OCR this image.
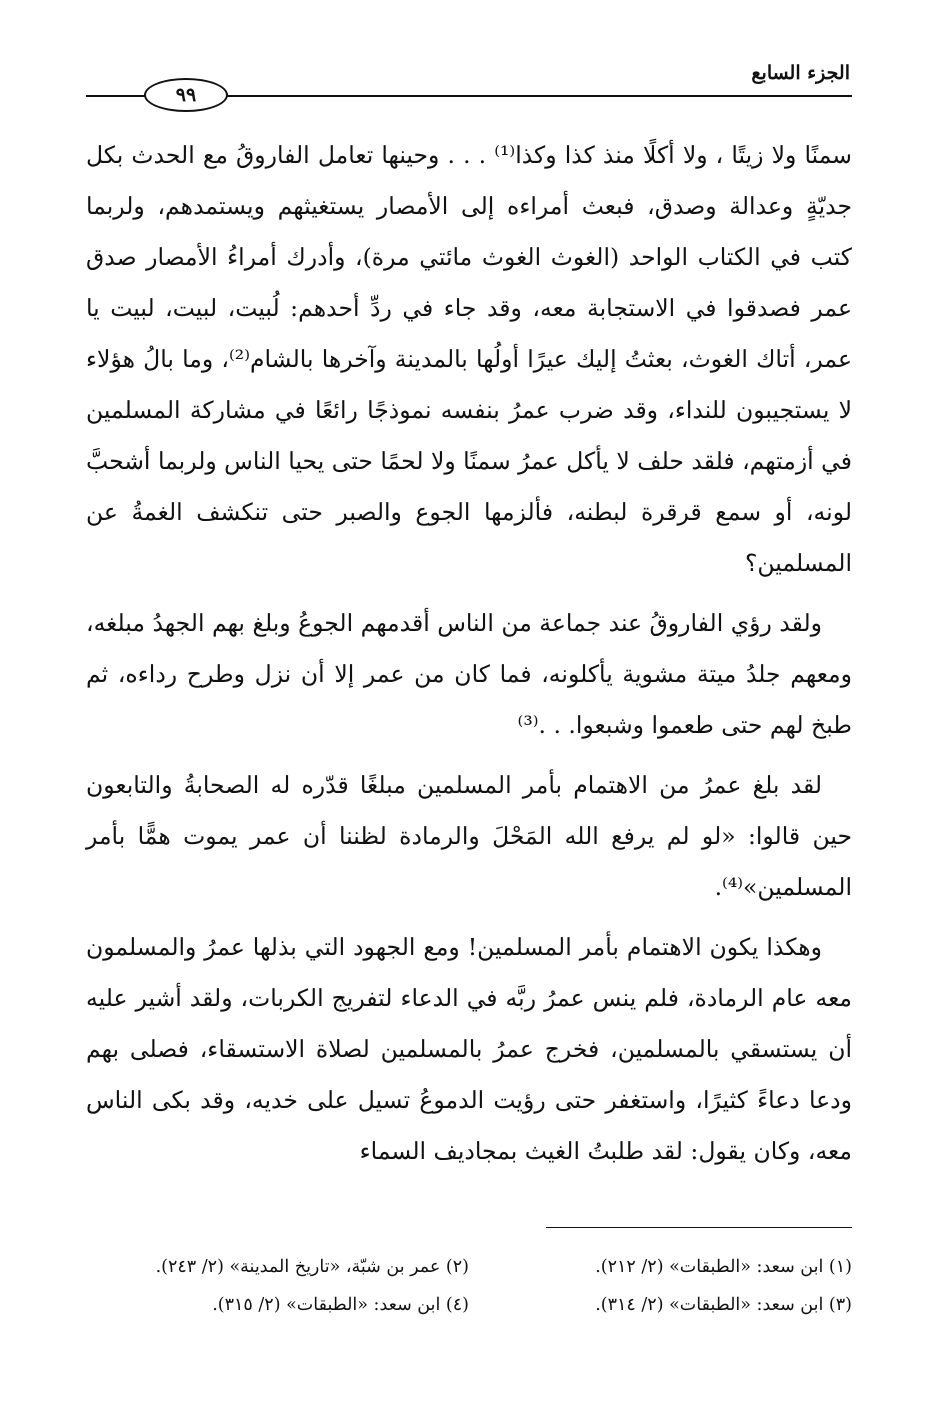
الجزء السابع
٩٩

سمنًا ولا زيتًا ، ولا أكلًا منذ كذا وكذا⁽¹⁾ . . . وحينها تعامل الفاروقُ مع الحدث بكل جديّةٍ وعدالة وصدق، فبعث أمراءه إلى الأمصار يستغيثهم ويستمدهم، ولربما كتب في الكتاب الواحد (الغوث الغوث مائتي مرة)، وأدرك أمراءُ الأمصار صدق عمر فصدقوا في الاستجابة معه، وقد جاء في ردِّ أحدهم: لُبيت، لبيت، لبيت يا عمر، أتاك الغوث، بعثتُ إليك عيرًا أولُها بالمدينة وآخرها بالشام⁽²⁾، وما بالُ هؤلاء لا يستجيبون للنداء، وقد ضرب عمرُ بنفسه نموذجًا رائعًا في مشاركة المسلمين في أزمتهم، فلقد حلف لا يأكل عمرُ سمنًا ولا لحمًا حتى يحيا الناس ولربما أشحبَّ لونه، أو سمع قرقرة لبطنه، فألزمها الجوع والصبر حتى تنكشف الغمةُ عن المسلمين؟

ولقد رؤي الفاروقُ عند جماعة من الناس أقدمهم الجوعُ وبلغ بهم الجهدُ مبلغه، ومعهم جلدُ ميتة مشوية يأكلونه، فما كان من عمر إلا أن نزل وطرح رداءه، ثم طبخ لهم حتى طعموا وشبعوا. . .⁽³⁾

لقد بلغ عمرُ من الاهتمام بأمر المسلمين مبلغًا قدّره له الصحابةُ والتابعون حين قالوا: «لو لم يرفع الله المَحْلَ والرمادة لظننا أن عمر يموت همًّا بأمر المسلمين»⁽⁴⁾.

وهكذا يكون الاهتمام بأمر المسلمين! ومع الجهود التي بذلها عمرُ والمسلمون معه عام الرمادة، فلم ينس عمرُ ربَّه في الدعاء لتفريج الكربات، ولقد أشير عليه أن يستسقي بالمسلمين، فخرج عمرُ بالمسلمين لصلاة الاستسقاء، فصلى بهم ودعا دعاءً كثيرًا، واستغفر حتى رؤيت الدموعُ تسيل على خديه، وقد بكى الناس معه، وكان يقول: لقد طلبتُ الغيث بمجاديف السماء

(١) ابن سعد: «الطبقات» (٢/ ٢١٢).
(٢) عمر بن شبّة، «تاريخ المدينة» (٢/ ٢٤٣).
(٣) ابن سعد: «الطبقات» (٢/ ٣١٤).
(٤) ابن سعد: «الطبقات» (٢/ ٣١٥).
